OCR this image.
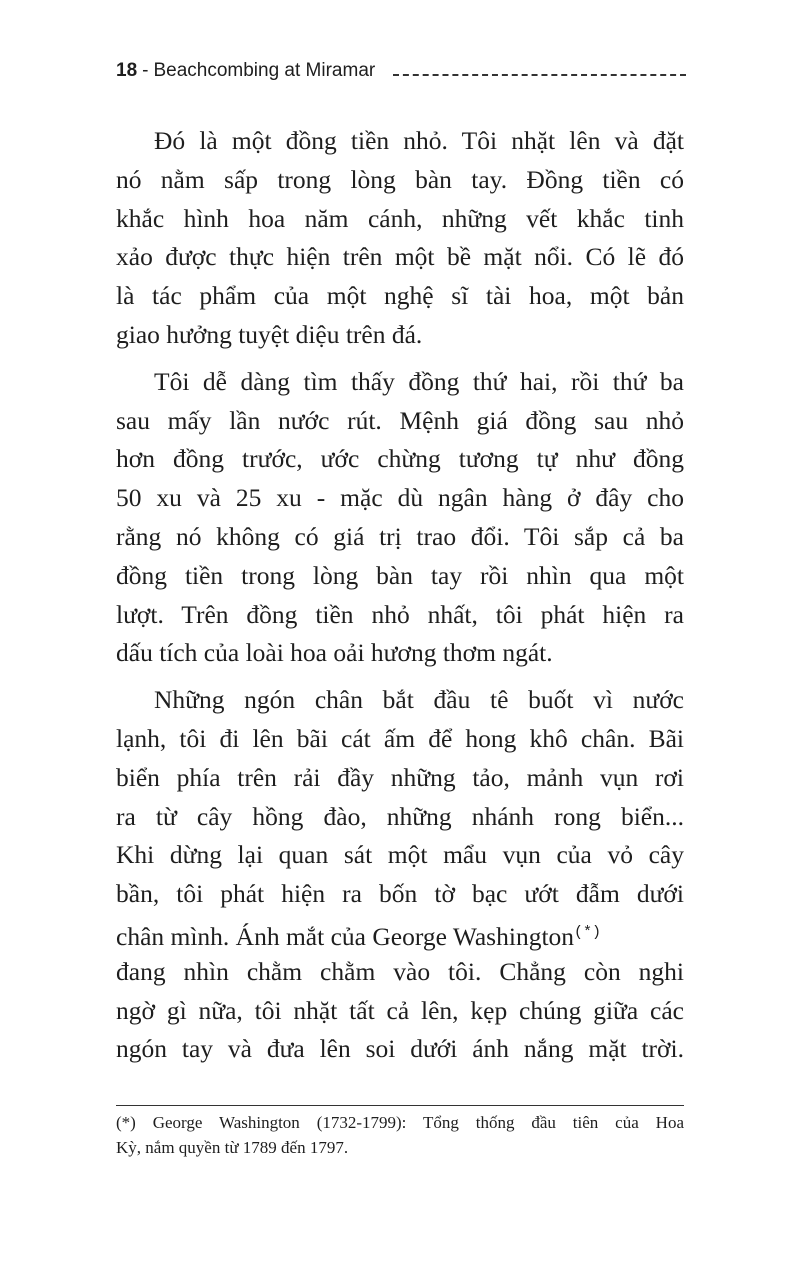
18 - Beachcombing at Miramar
Đó là một đồng tiền nhỏ. Tôi nhặt lên và đặt
nó nằm sấp trong lòng bàn tay. Đồng tiền có
khắc hình hoa năm cánh, những vết khắc tinh
xảo được thực hiện trên một bề mặt nổi. Có lẽ đó
là tác phẩm của một nghệ sĩ tài hoa, một bản
giao hưởng tuyệt diệu trên đá.
Tôi dễ dàng tìm thấy đồng thứ hai, rồi thứ ba
sau mấy lần nước rút. Mệnh giá đồng sau nhỏ
hơn đồng trước, ước chừng tương tự như đồng
50 xu và 25 xu - mặc dù ngân hàng ở đây cho
rằng nó không có giá trị trao đổi. Tôi sắp cả ba
đồng tiền trong lòng bàn tay rồi nhìn qua một
lượt. Trên đồng tiền nhỏ nhất, tôi phát hiện ra
dấu tích của loài hoa oải hương thơm ngát.
Những ngón chân bắt đầu tê buốt vì nước
lạnh, tôi đi lên bãi cát ấm để hong khô chân. Bãi
biển phía trên rải đầy những tảo, mảnh vụn rơi
ra từ cây hồng đào, những nhánh rong biển...
Khi dừng lại quan sát một mẩu vụn của vỏ cây
bần, tôi phát hiện ra bốn tờ bạc ướt đẫm dưới
chân mình. Ánh mắt của George Washington(*)
đang nhìn chằm chằm vào tôi. Chẳng còn nghi
ngờ gì nữa, tôi nhặt tất cả lên, kẹp chúng giữa các
ngón tay và đưa lên soi dưới ánh nắng mặt trời.
(*) George Washington (1732-1799): Tổng thống đầu tiên của Hoa
Kỳ, nắm quyền từ 1789 đến 1797.
